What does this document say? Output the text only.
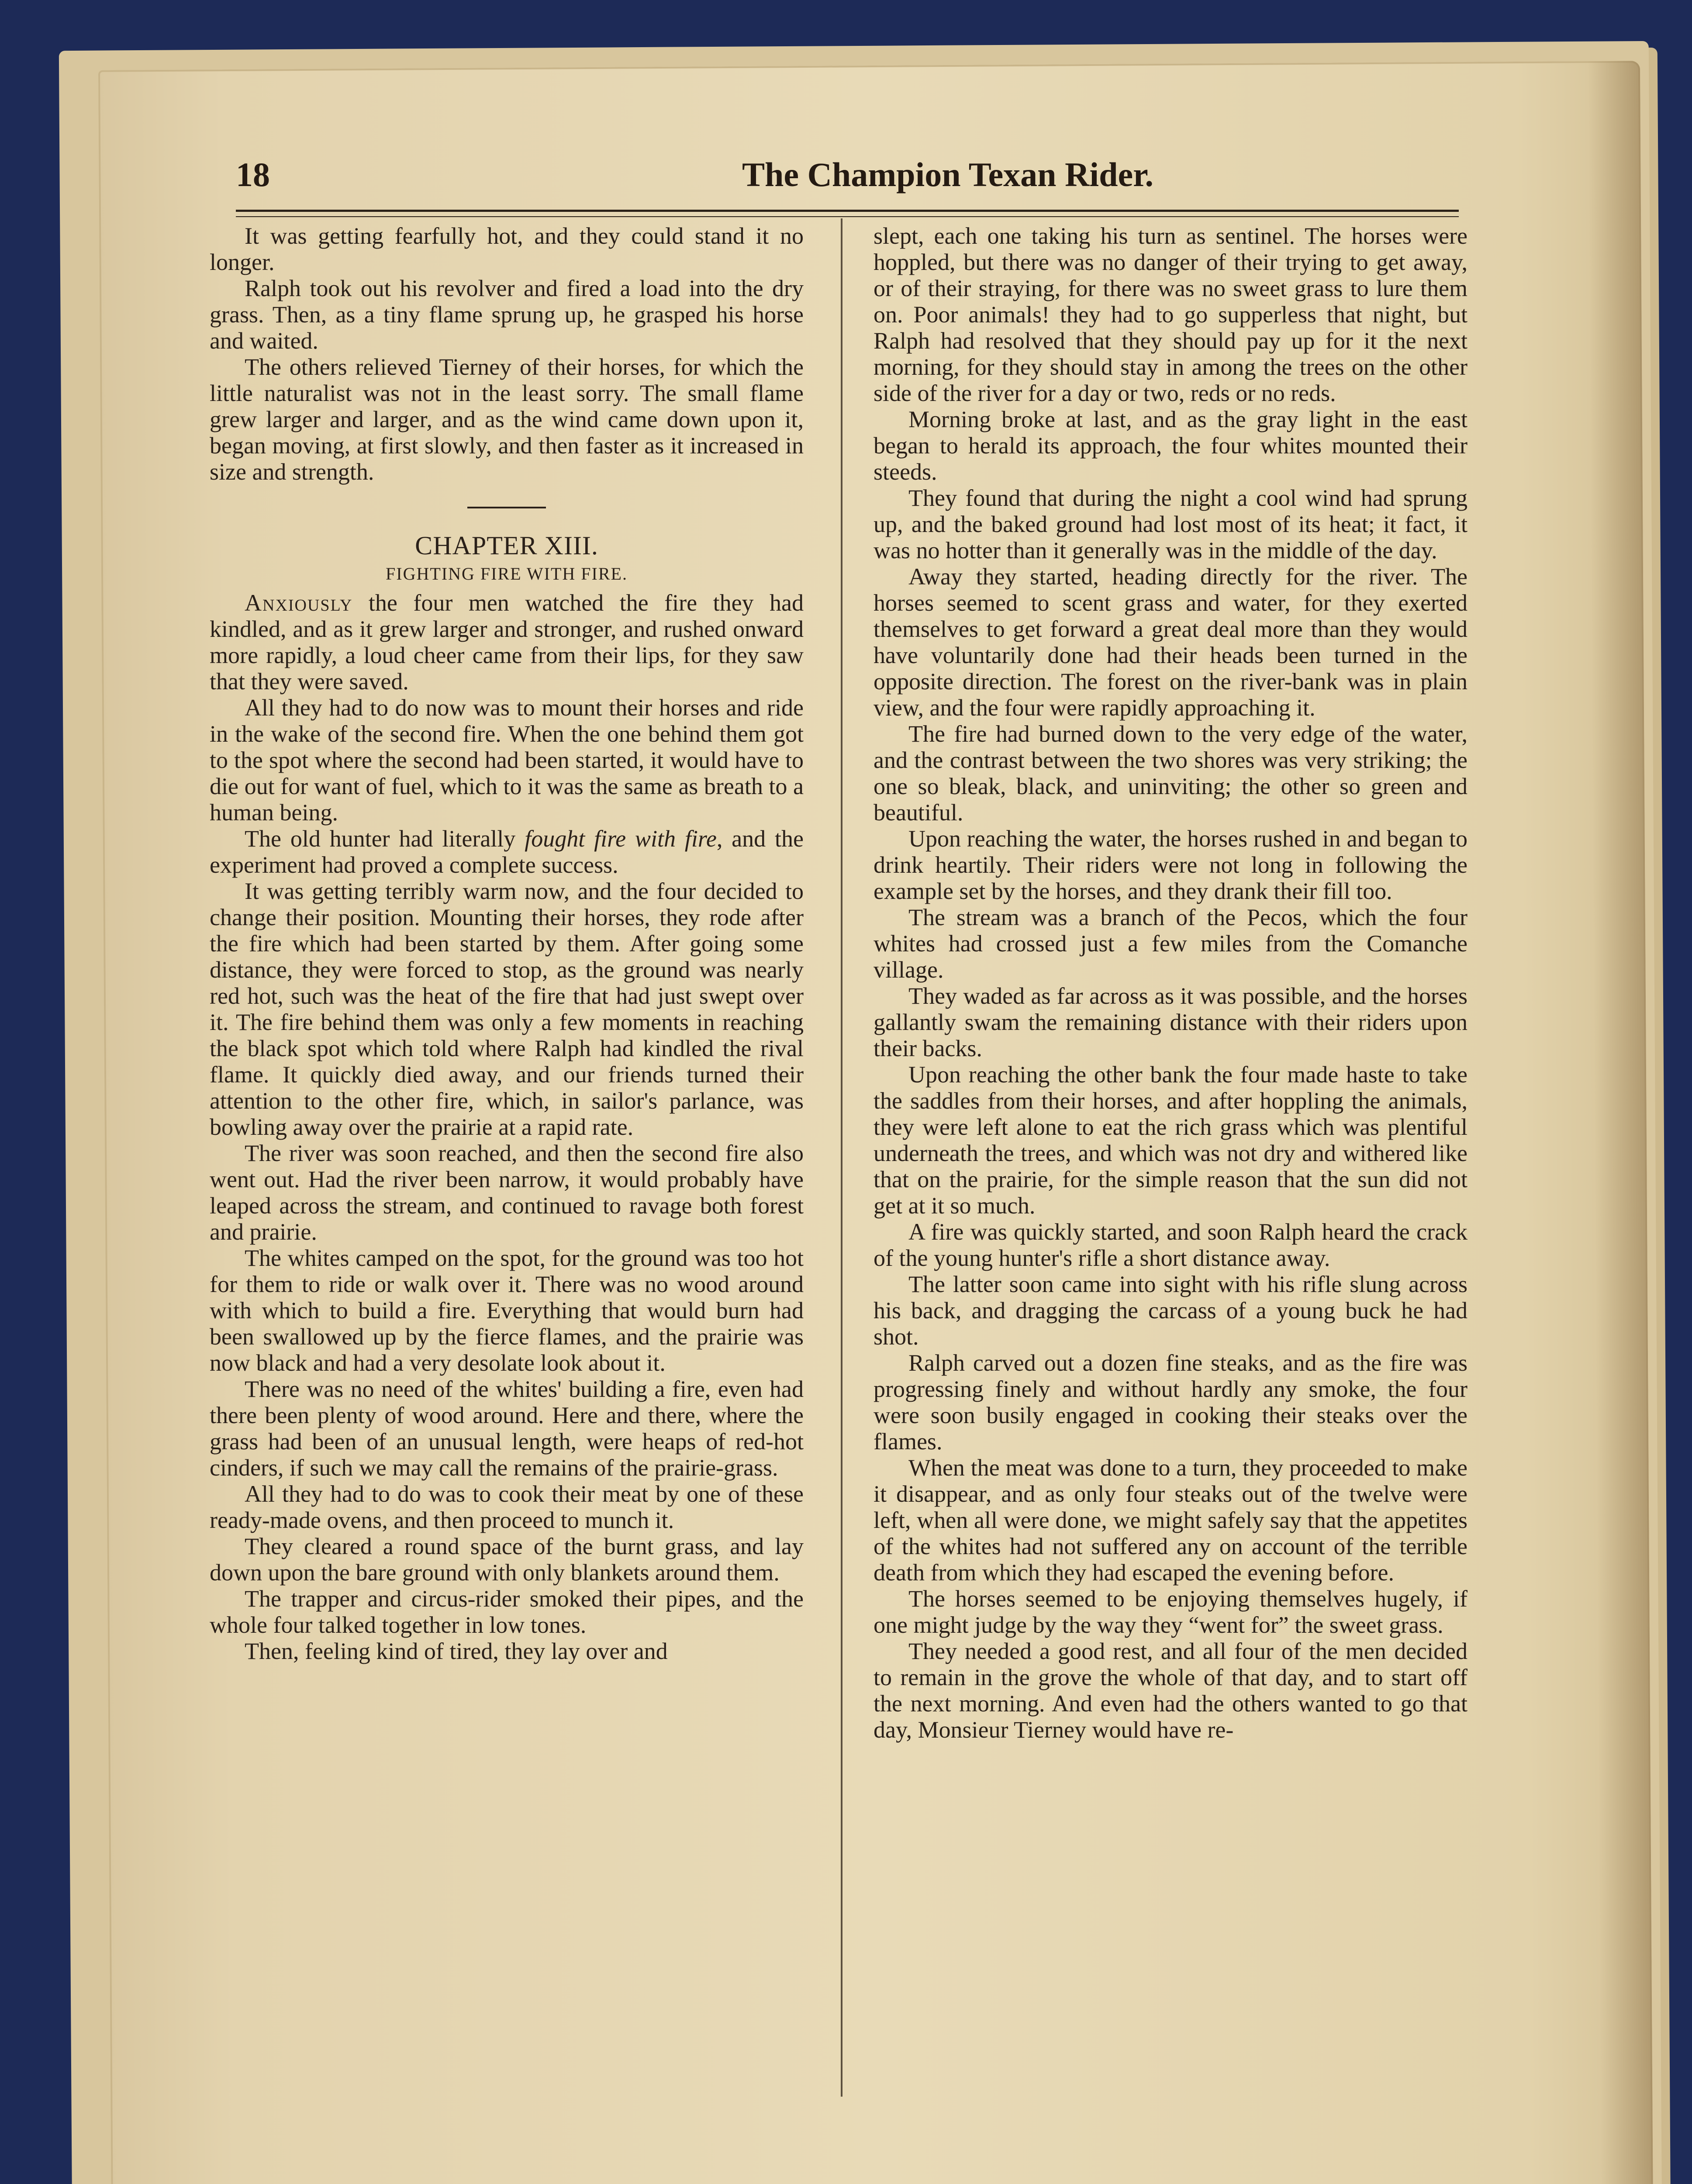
18	The Champion Texan Rider.

It was getting fearfully hot, and they could stand it no longer.

Ralph took out his revolver and fired a load into the dry grass. Then, as a tiny flame sprung up, he grasped his horse and waited.

The others relieved Tierney of their horses, for which the little naturalist was not in the least sorry. The small flame grew larger and larger, and as the wind came down upon it, began moving, at first slowly, and then faster as it increased in size and strength.

CHAPTER XIII.
FIGHTING FIRE WITH FIRE.

Anxiously the four men watched the fire they had kindled, and as it grew larger and stronger, and rushed onward more rapidly, a loud cheer came from their lips, for they saw that they were saved.

All they had to do now was to mount their horses and ride in the wake of the second fire. When the one behind them got to the spot where the second had been started, it would have to die out for want of fuel, which to it was the same as breath to a human being.

The old hunter had literally fought fire with fire, and the experiment had proved a complete success.

It was getting terribly warm now, and the four decided to change their position. Mounting their horses, they rode after the fire which had been started by them. After going some distance, they were forced to stop, as the ground was nearly red hot, such was the heat of the fire that had just swept over it. The fire behind them was only a few moments in reaching the black spot which told where Ralph had kindled the rival flame. It quickly died away, and our friends turned their attention to the other fire, which, in sailor's parlance, was bowling away over the prairie at a rapid rate.

The river was soon reached, and then the second fire also went out. Had the river been narrow, it would probably have leaped across the stream, and continued to ravage both forest and prairie.

The whites camped on the spot, for the ground was too hot for them to ride or walk over it. There was no wood around with which to build a fire. Everything that would burn had been swallowed up by the fierce flames, and the prairie was now black and had a very desolate look about it.

There was no need of the whites' building a fire, even had there been plenty of wood around. Here and there, where the grass had been of an unusual length, were heaps of red-hot cinders, if such we may call the remains of the prairie-grass.

All they had to do was to cook their meat by one of these ready-made ovens, and then proceed to munch it.

They cleared a round space of the burnt grass, and lay down upon the bare ground with only blankets around them.

The trapper and circus-rider smoked their pipes, and the whole four talked together in low tones.

Then, feeling kind of tired, they lay over and

slept, each one taking his turn as sentinel. The horses were hoppled, but there was no danger of their trying to get away, or of their straying, for there was no sweet grass to lure them on. Poor animals! they had to go supperless that night, but Ralph had resolved that they should pay up for it the next morning, for they should stay in among the trees on the other side of the river for a day or two, reds or no reds.

Morning broke at last, and as the gray light in the east began to herald its approach, the four whites mounted their steeds.

They found that during the night a cool wind had sprung up, and the baked ground had lost most of its heat; it fact, it was no hotter than it generally was in the middle of the day.

Away they started, heading directly for the river. The horses seemed to scent grass and water, for they exerted themselves to get forward a great deal more than they would have voluntarily done had their heads been turned in the opposite direction. The forest on the river-bank was in plain view, and the four were rapidly approaching it.

The fire had burned down to the very edge of the water, and the contrast between the two shores was very striking; the one so bleak, black, and uninviting; the other so green and beautiful.

Upon reaching the water, the horses rushed in and began to drink heartily. Their riders were not long in following the example set by the horses, and they drank their fill too.

The stream was a branch of the Pecos, which the four whites had crossed just a few miles from the Comanche village.

They waded as far across as it was possible, and the horses gallantly swam the remaining distance with their riders upon their backs.

Upon reaching the other bank the four made haste to take the saddles from their horses, and after hoppling the animals, they were left alone to eat the rich grass which was plentiful underneath the trees, and which was not dry and withered like that on the prairie, for the simple reason that the sun did not get at it so much.

A fire was quickly started, and soon Ralph heard the crack of the young hunter's rifle a short distance away.

The latter soon came into sight with his rifle slung across his back, and dragging the carcass of a young buck he had shot.

Ralph carved out a dozen fine steaks, and as the fire was progressing finely and without hardly any smoke, the four were soon busily engaged in cooking their steaks over the flames.

When the meat was done to a turn, they proceeded to make it disappear, and as only four steaks out of the twelve were left, when all were done, we might safely say that the appetites of the whites had not suffered any on account of the terrible death from which they had escaped the evening before.

The horses seemed to be enjoying themselves hugely, if one might judge by the way they “went for” the sweet grass.

They needed a good rest, and all four of the men decided to remain in the grove the whole of that day, and to start off the next morning. And even had the others wanted to go that day, Monsieur Tierney would have re-
